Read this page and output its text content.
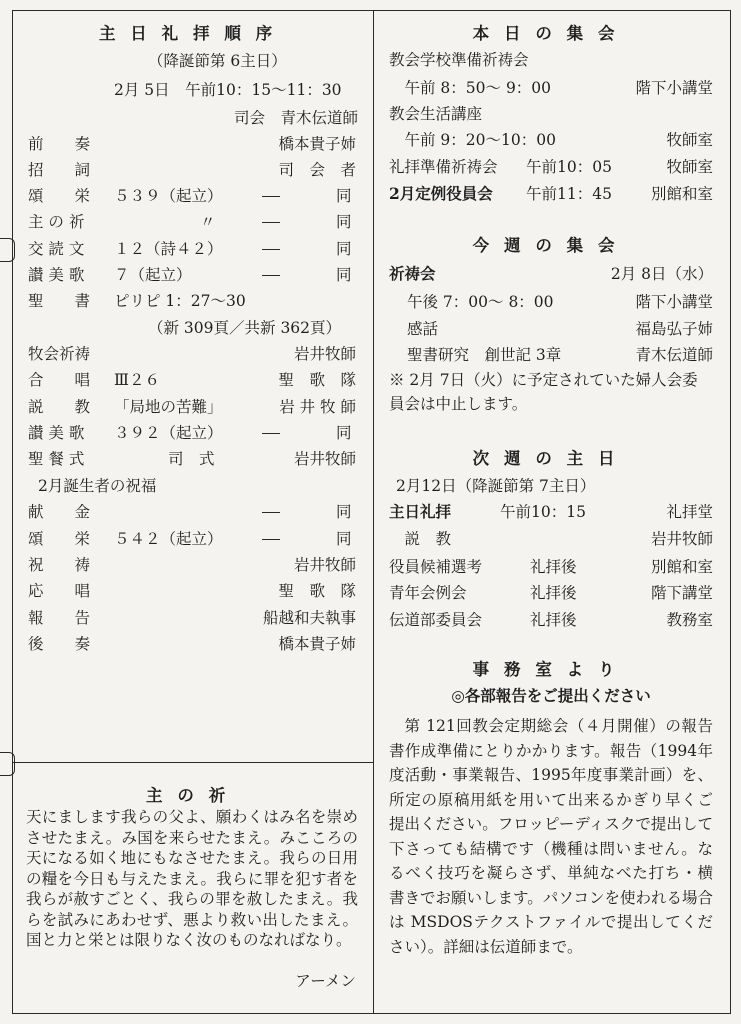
主日礼拝順序
（降誕節第 6主日）
2月 5日　午前10：15〜11：30
司会　青木伝道師
主の祈
天にまします我らの父よ、願わくはみ名を崇めさせたまえ。み国を来らせたまえ。みこころの天になる如く地にもなさせたまえ。我らの日用の糧を今日も与えたまえ。我らに罪を犯す者を我らが赦すごとく、我らの罪を赦したまえ。我らを試みにあわせず、悪より救い出したまえ。国と力と栄とは限りなく汝のものなればなり。
アーメン
本日の集会
今週の集会
祈祷会	2月 8日（水）
午後 7：00〜 8：00	階下小講堂
感話	福島弘子姉
聖書研究　創世記 3章	青木伝道師
※ 2月 7日（火）に予定されていた婦人会委員会は中止します。
次週の主日
2月12日（降誕節第 7主日）
事務室より
◎各部報告をご提出ください
第 121回教会定期総会（４月開催）の報告書作成準備にとりかかります。報告（1994年度活動・事業報告、1995年度事業計画）を、所定の原稿用紙を用いて出来るかぎり早くご提出ください。フロッピーディスクで提出して下さっても結構です（機種は問いません。なるべく技巧を凝らさず、単純なべた打ち・横書きでお願いします。パソコンを使われる場合は MSDOSテクストファイルで提出してください）。詳細は伝道師まで。
前　　奏	橋本貴子姉
招　　詞	司　会　者
頌　　栄 ５３９（起立）	同
主 の 祈	〃	同
交 読 文 １２（詩４２）	同
讃 美 歌 ７（起立）	同
聖　　書 ピリピ 1：27〜30
（新 309頁／共新 362頁）
牧会祈祷	岩井牧師
合　　唱 Ⅲ２６	聖　歌　隊
説　　教 「局地の苦難」	岩 井 牧 師
讃 美 歌 ３９２（起立）	同
聖 餐 式	司　式	岩井牧師
2月誕生者の祝福
献　　金	同
頌　　栄 ５４２（起立）	同
祝　　祷	岩井牧師
応　　唱	聖　歌　隊
報　　告	船越和夫執事
後　　奏	橋本貴子姉
教会学校準備祈祷会
　午前 8：50〜 9：00	階下小講堂
教会生活講座
　午前 9：20〜10：00	牧師室
礼拝準備祈祷会 午前10：05	牧師室
2月定例役員会 午前11：45	別館和室
主日礼拝	午前10：15	礼拝堂
　説　教	岩井牧師
役員候補選考	礼拝後	別館和室
青年会例会	礼拝後	階下講堂
伝道部委員会	礼拝後	教務室
